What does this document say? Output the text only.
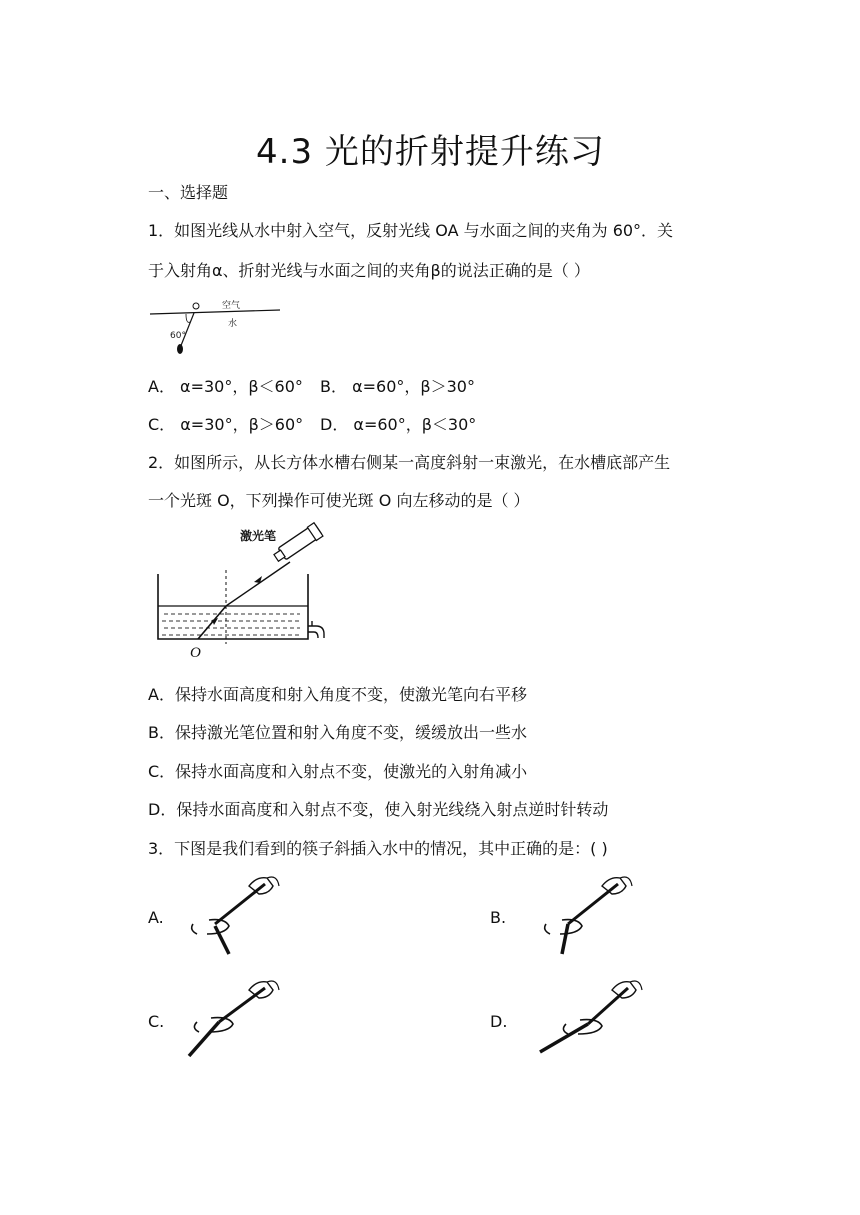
4.3 光的折射提升练习
一、选择题
1．如图光线从水中射入空气，反射光线 OA 与水面之间的夹角为 60°．关
于入射角α、折射光线与水面之间的夹角β的说法正确的是（ ）
空气
水
60°
A． α=30°，β＜60° B． α=60°，β＞30°
C． α=30°，β＞60° D． α=60°，β＜30°
2．如图所示，从长方体水槽右侧某一高度斜射一束激光，在水槽底部产生
一个光斑 O，下列操作可使光斑 O 向左移动的是（ ）
激光笔
O
A．保持水面高度和射入角度不变，使激光笔向右平移
B．保持激光笔位置和射入角度不变，缓缓放出一些水
C．保持水面高度和入射点不变，使激光的入射角减小
D．保持水面高度和入射点不变，使入射光线绕入射点逆时针转动
3．下图是我们看到的筷子斜插入水中的情况，其中正确的是：( )
A.	B.
C.	D.
